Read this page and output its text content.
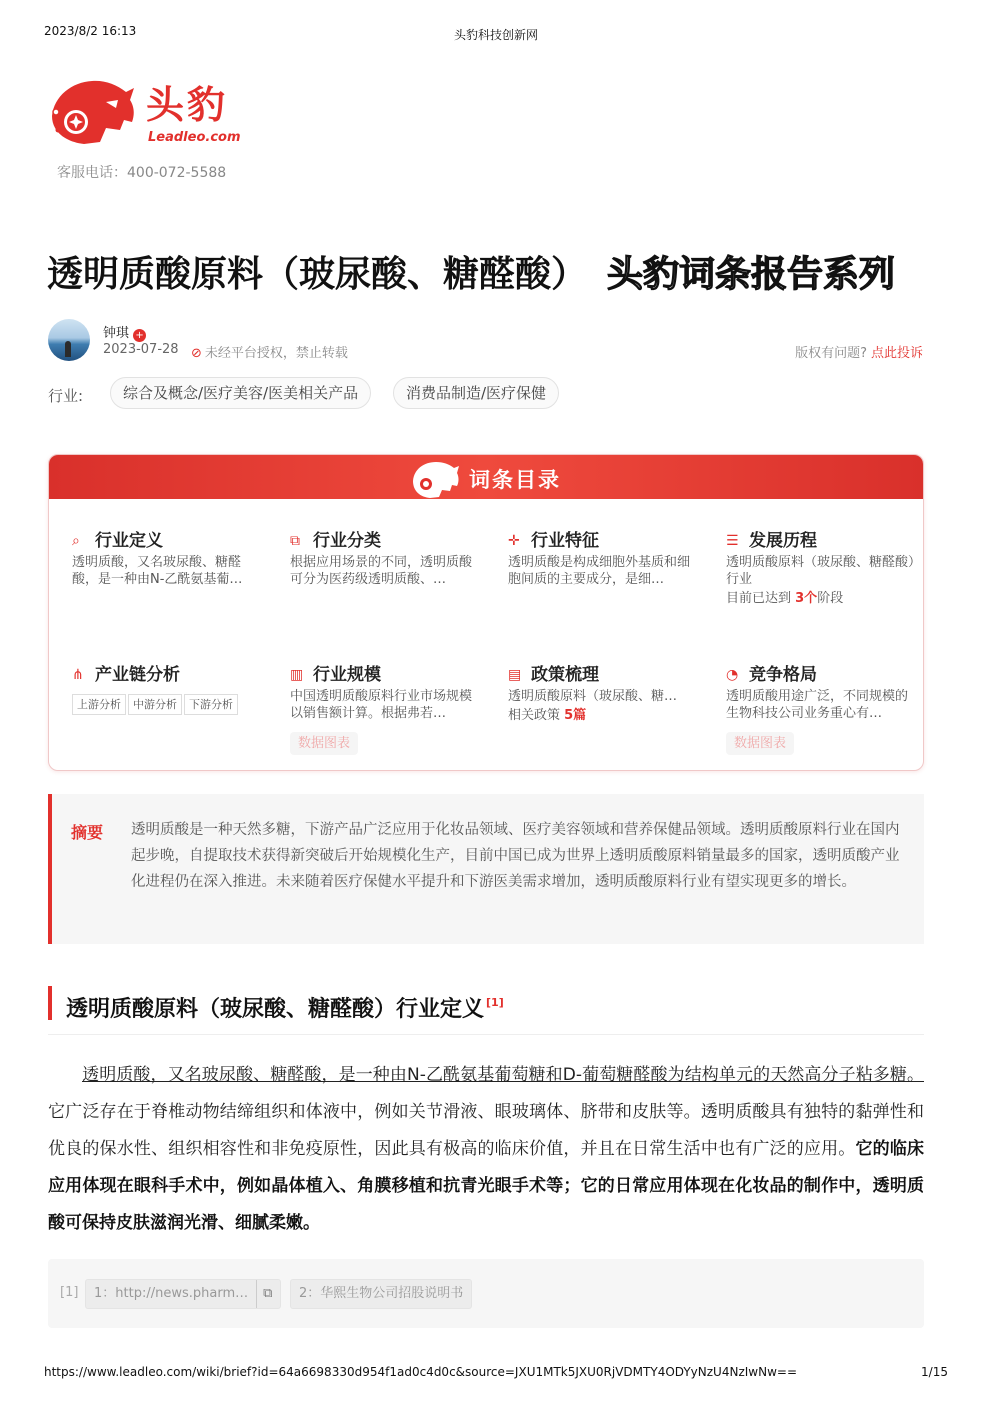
2023/8/2 16:13	头豹科技创新网
头豹
Leadleo.com
客服电话：400-072-5588
透明质酸原料（玻尿酸、糖醛酸） 头豹词条报告系列
钟琪 +
2023-07-28 ⊘ 未经平台授权，禁止转载	版权有问题? 点此投诉
行业:	综合及概念/医疗美容/医美相关产品	消费品制造/医疗保健
词条目录
⌕ 行业定义
透明质酸，又名玻尿酸、糖醛酸，是一种由N-乙酰氨基葡…
⧉ 行业分类
根据应用场景的不同，透明质酸可分为医药级透明质酸、…
✛ 行业特征
透明质酸是构成细胞外基质和细胞间质的主要成分，是细…
☰ 发展历程
透明质酸原料（玻尿酸、糖醛酸）行业
目前已达到 3个阶段
⋔ 产业链分析
上游分析 中游分析 下游分析
▥ 行业规模
中国透明质酸原料行业市场规模以销售额计算。根据弗若…
数据图表
▤ 政策梳理
透明质酸原料（玻尿酸、糖…
相关政策 5篇
◔ 竞争格局
透明质酸用途广泛，不同规模的生物科技公司业务重心有…
数据图表
摘要 透明质酸是一种天然多糖，下游产品广泛应用于化妆品领域、医疗美容领域和营养保健品领域。透明质酸原料行业在国内起步晚，自提取技术获得新突破后开始规模化生产，目前中国已成为世界上透明质酸原料销量最多的国家，透明质酸产业化进程仍在深入推进。未来随着医疗保健水平提升和下游医美需求增加，透明质酸原料行业有望实现更多的增长。

透明质酸原料（玻尿酸、糖醛酸）行业定义 [1]

透明质酸，又名玻尿酸、糖醛酸，是一种由N-乙酰氨基葡萄糖和D-葡萄糖醛酸为结构单元的天然高分子粘多糖。它广泛存在于脊椎动物结缔组织和体液中，例如关节滑液、眼玻璃体、脐带和皮肤等。透明质酸具有独特的黏弹性和优良的保水性、组织相容性和非免疫原性，因此具有极高的临床价值，并且在日常生活中也有广泛的应用。它的临床应用体现在眼科手术中，例如晶体植入、角膜移植和抗青光眼手术等；它的日常应用体现在化妆品的制作中，透明质酸可保持皮肤滋润光滑、细腻柔嫩。

[1]	1：http://news.pharm… ⧉	2：华熙生物公司招股说明书
https://www.leadleo.com/wiki/brief?id=64a6698330d954f1ad0c4d0c&source=JXU1MTk5JXU0RjVDMTY4ODYyNzU4NzIwNw==	1/15
